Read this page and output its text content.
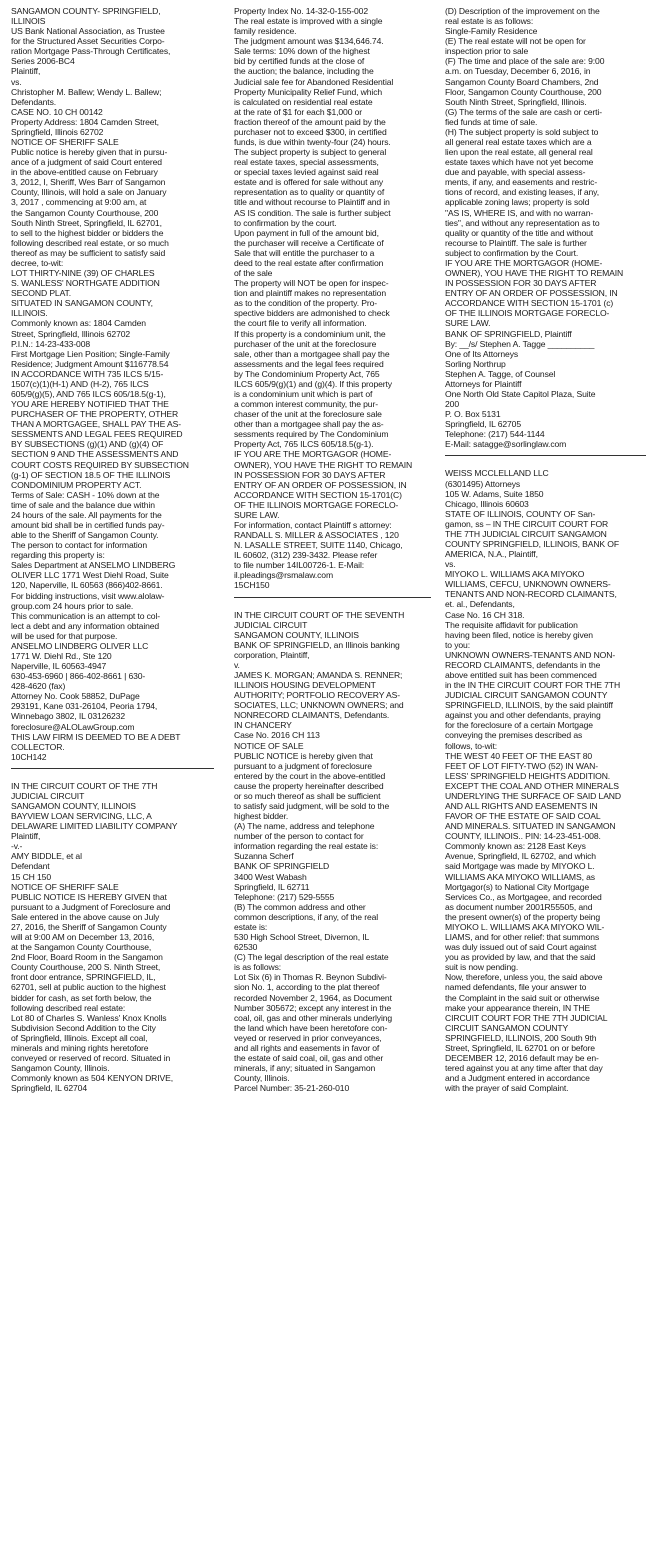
SANGAMON COUNTY- SPRINGFIELD,
ILLINOIS
US Bank National Association, as Trustee
for the Structured Asset Securities Corpo-
ration Mortgage Pass-Through Certificates,
Series 2006-BC4
Plaintiff,
vs.
Christopher M. Ballew; Wendy L. Ballew;
Defendants.
CASE NO. 10 CH 00142
Property Address: 1804 Camden Street,
Springfield, Illinois 62702
NOTICE OF SHERIFF SALE
Public notice is hereby given that in pursu-
ance of a judgment of said Court entered
in the above-entitled cause on February
3, 2012, I, Sheriff, Wes Barr of Sangamon
County, Illinois, will hold a sale on January
3, 2017 , commencing at 9:00 am, at
the Sangamon County Courthouse, 200
South Ninth Street, Springfield, IL 62701,
to sell to the highest bidder or bidders the
following described real estate, or so much
thereof as may be sufficient to satisfy said
decree, to-wit:
LOT THIRTY-NINE (39) OF CHARLES
S. WANLESS' NORTHGATE ADDITION
SECOND PLAT.
SITUATED IN SANGAMON COUNTY,
ILLINOIS.
Commonly known as: 1804 Camden
Street, Springfield, Illinois 62702
P.I.N.: 14-23-433-008
First Mortgage Lien Position; Single-Family
Residence; Judgment Amount $116778.54
IN ACCORDANCE WITH 735 ILCS 5/15-
1507(c)(1)(H-1) AND (H-2), 765 ILCS
605/9(g)(5), AND 765 ILCS 605/18.5(g-1),
YOU ARE HEREBY NOTIFIED THAT THE
PURCHASER OF THE PROPERTY, OTHER
THAN A MORTGAGEE, SHALL PAY THE AS-
SESSMENTS AND LEGAL FEES REQUIRED
BY SUBSECTIONS (g)(1) AND (g)(4) OF
SECTION 9 AND THE ASSESSMENTS AND
COURT COSTS REQUIRED BY SUBSECTION
(g-1) OF SECTION 18.5 OF THE ILLINOIS
CONDOMINIUM PROPERTY ACT.
Terms of Sale: CASH - 10% down at the
time of sale and the balance due within
24 hours of the sale. All payments for the
amount bid shall be in certified funds pay-
able to the Sheriff of Sangamon County.
The person to contact for information
regarding this property is:
Sales Department at ANSELMO LINDBERG
OLIVER LLC 1771 West Diehl Road, Suite
120, Naperville, IL 60563 (866)402-8661.
For bidding instructions, visit www.alolaw-
group.com 24 hours prior to sale.
This communication is an attempt to col-
lect a debt and any information obtained
will be used for that purpose.
ANSELMO LINDBERG OLIVER LLC
1771 W. Diehl Rd., Ste 120
Naperville, IL 60563-4947
630-453-6960 | 866-402-8661 | 630-
428-4620 (fax)
Attorney No. Cook 58852, DuPage
293191, Kane 031-26104, Peoria 1794,
Winnebago 3802, IL 03126232
foreclosure@ALOLawGroup.com
THIS LAW FIRM IS DEEMED TO BE A DEBT
COLLECTOR.
10CH142
IN THE CIRCUIT COURT OF THE 7TH
JUDICIAL CIRCUIT
SANGAMON COUNTY, ILLINOIS
BAYVIEW LOAN SERVICING, LLC, A
DELAWARE LIMITED LIABILITY COMPANY
Plaintiff,
-v.-
AMY BIDDLE, et al
Defendant
15 CH 150
NOTICE OF SHERIFF SALE
PUBLIC NOTICE IS HEREBY GIVEN that
pursuant to a Judgment of Foreclosure and
Sale entered in the above cause on July
27, 2016, the Sheriff of Sangamon County
will at 9:00 AM on December 13, 2016,
at the Sangamon County Courthouse,
2nd Floor, Board Room in the Sangamon
County Courthouse, 200 S. Ninth Street,
front door entrance, SPRINGFIELD, IL,
62701, sell at public auction to the highest
bidder for cash, as set forth below, the
following described real estate:
Lot 80 of Charles S. Wanless' Knox Knolls
Subdivision Second Addition to the City
of Springfield, Illinois. Except all coal,
minerals and mining rights heretofore
conveyed or reserved of record. Situated in
Sangamon County, Illinois.
Commonly known as 504 KENYON DRIVE,
Springfield, IL 62704
Property Index No. 14-32-0-155-002
The real estate is improved with a single
family residence.
The judgment amount was $134,646.74.
Sale terms: 10% down of the highest
bid by certified funds at the close of
the auction; the balance, including the
Judicial sale fee for Abandoned Residential
Property Municipality Relief Fund, which
is calculated on residential real estate
at the rate of $1 for each $1,000 or
fraction thereof of the amount paid by the
purchaser not to exceed $300, in certified
funds, is due within twenty-four (24) hours.
The subject property is subject to general
real estate taxes, special assessments,
or special taxes levied against said real
estate and is offered for sale without any
representation as to quality or quantity of
title and without recourse to Plaintiff and in
AS IS condition. The sale is further subject
to confirmation by the court.
Upon payment in full of the amount bid,
the purchaser will receive a Certificate of
Sale that will entitle the purchaser to a
deed to the real estate after confirmation
of the sale
The property will NOT be open for inspec-
tion and plaintiff makes no representation
as to the condition of the property. Pro-
spective bidders are admonished to check
the court file to verify all information.
If this property is a condominium unit, the
purchaser of the unit at the foreclosure
sale, other than a mortgagee shall pay the
assessments and the legal fees required
by The Condominium Property Act, 765
ILCS 605/9(g)(1) and (g)(4). If this property
is a condominium unit which is part of
a common interest community, the pur-
chaser of the unit at the foreclosure sale
other than a mortgagee shall pay the as-
sessments required by The Condominium
Property Act, 765 ILCS 605/18.5(g-1).
IF YOU ARE THE MORTGAGOR (HOME-
OWNER), YOU HAVE THE RIGHT TO REMAIN
IN POSSESSION FOR 30 DAYS AFTER
ENTRY OF AN ORDER OF POSSESSION, IN
ACCORDANCE WITH SECTION 15-1701(C)
OF THE ILLINOIS MORTGAGE FORECLO-
SURE LAW.
For information, contact Plaintiff s attorney:
RANDALL S. MILLER & ASSOCIATES , 120
N. LASALLE STREET, SUITE 1140, Chicago,
IL 60602, (312) 239-3432. Please refer
to file number 14IL00726-1. E-Mail:
il.pleadings@rsmalaw.com
15CH150
IN THE CIRCUIT COURT OF THE SEVENTH
JUDICIAL CIRCUIT
SANGAMON COUNTY, ILLINOIS
BANK OF SPRINGFIELD, an Illinois banking
corporation, Plaintiff,
v.
JAMES K. MORGAN; AMANDA S. RENNER;
ILLINOIS HOUSING DEVELOPMENT
AUTHORITY; PORTFOLIO RECOVERY AS-
SOCIATES, LLC; UNKNOWN OWNERS; and
NONRECORD CLAIMANTS, Defendants.
IN CHANCERY
Case No. 2016 CH 113
NOTICE OF SALE
PUBLIC NOTICE is hereby given that
pursuant to a judgment of foreclosure
entered by the court in the above-entitled
cause the property hereinafter described
or so much thereof as shall be sufficient
to satisfy said judgment, will be sold to the
highest bidder.
(A) The name, address and telephone
number of the person to contact for
information regarding the real estate is:
Suzanna Scherf
BANK OF SPRINGFIELD
3400 West Wabash
Springfield, IL 62711
Telephone: (217) 529-5555
(B) The common address and other
common descriptions, if any, of the real
estate is:
530 High School Street, Divernon, IL
62530
(C) The legal description of the real estate
is as follows:
Lot Six (6) in Thomas R. Beynon Subdivi-
sion No. 1, according to the plat thereof
recorded November 2, 1964, as Document
Number 305672; except any interest in the
coal, oil, gas and other minerals underlying
the land which have been heretofore con-
veyed or reserved in prior conveyances,
and all rights and easements in favor of
the estate of said coal, oil, gas and other
minerals, if any; situated in Sangamon
County, Illinois.
Parcel Number: 35-21-260-010
(D) Description of the improvement on the
real estate is as follows:
Single-Family Residence
(E) The real estate will not be open for
inspection prior to sale
(F) The time and place of the sale are: 9:00
a.m. on Tuesday, December 6, 2016, in
Sangamon County Board Chambers, 2nd
Floor, Sangamon County Courthouse, 200
South Ninth Street, Springfield, Illinois.
(G) The terms of the sale are cash or certi-
fied funds at time of sale.
(H) The subject property is sold subject to
all general real estate taxes which are a
lien upon the real estate, all general real
estate taxes which have not yet become
due and payable, with special assess-
ments, if any, and easements and restric-
tions of record, and existing leases, if any,
applicable zoning laws; property is sold
"AS IS, WHERE IS, and with no warran-
ties", and without any representation as to
quality or quantity of the title and without
recourse to Plaintiff. The sale is further
subject to confirmation by the Court.
IF YOU ARE THE MORTGAGOR (HOME-
OWNER), YOU HAVE THE RIGHT TO REMAIN
IN POSSESSION FOR 30 DAYS AFTER
ENTRY OF AN ORDER OF POSSESSION, IN
ACCORDANCE WITH SECTION 15-1701 (c)
OF THE ILLINOIS MORTGAGE FORECLO-
SURE LAW.
BANK OF SPRINGFIELD, Plaintiff
By: __/s/ Stephen A. Tagge __________
One of Its Attorneys
Sorling Northrup
Stephen A. Tagge, of Counsel
Attorneys for Plaintiff
One North Old State Capitol Plaza, Suite
200
P. O. Box 5131
Springfield, IL 62705
Telephone: (217) 544-1144
E-Mail: satagge@sorlinglaw.com
WEISS MCCLELLAND LLC
(6301495) Attorneys
105 W. Adams, Suite 1850
Chicago, Illinois 60603
STATE OF ILLINOIS, COUNTY OF San-
gamon, ss – IN THE CIRCUIT COURT FOR
THE 7TH JUDICIAL CIRCUIT SANGAMON
COUNTY SPRINGFIELD, ILLINOIS, BANK OF
AMERICA, N.A., Plaintiff,
vs.
MIYOKO L. WILLIAMS AKA MIYOKO
WILLIAMS, CEFCU, UNKNOWN OWNERS-
TENANTS AND NON-RECORD CLAIMANTS,
et. al., Defendants,
Case No. 16 CH 318.
The requisite affidavit for publication
having been filed, notice is hereby given
to you:
UNKNOWN OWNERS-TENANTS AND NON-
RECORD CLAIMANTS, defendants in the
above entitled suit has been commenced
in the IN THE CIRCUIT COURT FOR THE 7TH
JUDICIAL CIRCUIT SANGAMON COUNTY
SPRINGFIELD, ILLINOIS, by the said plaintiff
against you and other defendants, praying
for the foreclosure of a certain Mortgage
conveying the premises described as
follows, to-wit:
THE WEST 40 FEET OF THE EAST 80
FEET OF LOT FIFTY-TWO (52) IN WAN-
LESS' SPRINGFIELD HEIGHTS ADDITION.
EXCEPT THE COAL AND OTHER MINERALS
UNDERLYING THE SURFACE OF SAID LAND
AND ALL RIGHTS AND EASEMENTS IN
FAVOR OF THE ESTATE OF SAID COAL
AND MINERALS. SITUATED IN SANGAMON
COUNTY, ILLINOIS.. PIN: 14-23-451-008.
Commonly known as: 2128 East Keys
Avenue, Springfield, IL 62702, and which
said Mortgage was made by MIYOKO L.
WILLIAMS AKA MIYOKO WILLIAMS, as
Mortgagor(s) to National City Mortgage
Services Co., as Mortgagee, and recorded
as document number 2001R55505, and
the present owner(s) of the property being
MIYOKO L. WILLIAMS AKA MIYOKO WIL-
LIAMS, and for other relief: that summons
was duly issued out of said Court against
you as provided by law, and that the said
suit is now pending.
Now, therefore, unless you, the said above
named defendants, file your answer to
the Complaint in the said suit or otherwise
make your appearance therein, IN THE
CIRCUIT COURT FOR THE 7TH JUDICIAL
CIRCUIT SANGAMON COUNTY
SPRINGFIELD, ILLINOIS, 200 South 9th
Street, Springfield, IL 62701 on or before
DECEMBER 12, 2016 default may be en-
tered against you at any time after that day
and a Judgment entered in accordance
with the prayer of said Complaint.
